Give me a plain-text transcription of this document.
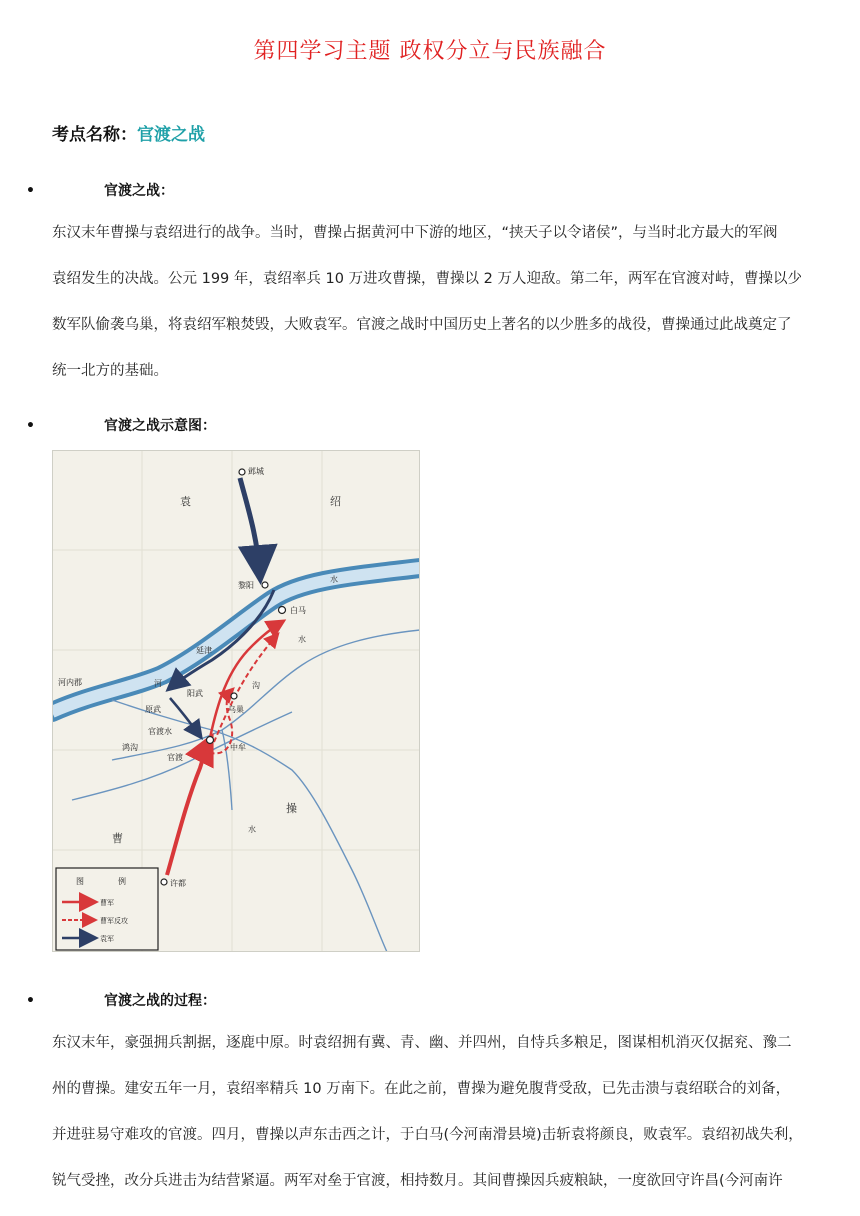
第四学习主题 政权分立与民族融合
考点名称：官渡之战
•	官渡之战：
东汉末年曹操与袁绍进行的战争。当时，曹操占据黄河中下游的地区，“挟天子以令诸侯”，与当时北方最大的军阀
袁绍发生的决战。公元 199 年，袁绍率兵 10 万进攻曹操，曹操以 2 万人迎敌。第二年，两军在官渡对峙，曹操以少
数军队偷袭乌巢，将袁绍军粮焚毁，大败袁军。官渡之战时中国历史上著名的以少胜多的战役，曹操通过此战奠定了
统一北方的基础。
•	官渡之战示意图：
邺城
黎阳
白马
延津
阳武
原武	乌巢
官渡水
鸿沟
官渡
中牟
许都
河内郡
袁	绍
曹
操
水
水
水
河	沟
图	例
曹军
曹军反攻
袁军
•	官渡之战的过程：
东汉末年，豪强拥兵割据，逐鹿中原。时袁绍拥有冀、青、幽、并四州，自恃兵多粮足，图谋相机消灭仅据兖、豫二
州的曹操。建安五年一月，袁绍率精兵 10 万南下。在此之前，曹操为避免腹背受敌，已先击溃与袁绍联合的刘备，
并进驻易守难攻的官渡。四月，曹操以声东击西之计，于白马(今河南滑县境)击斩袁将颜良，败袁军。袁绍初战失利，
锐气受挫，改分兵进击为结营紧逼。两军对垒于官渡，相持数月。其间曹操因兵疲粮缺，一度欲回守许昌(今河南许
